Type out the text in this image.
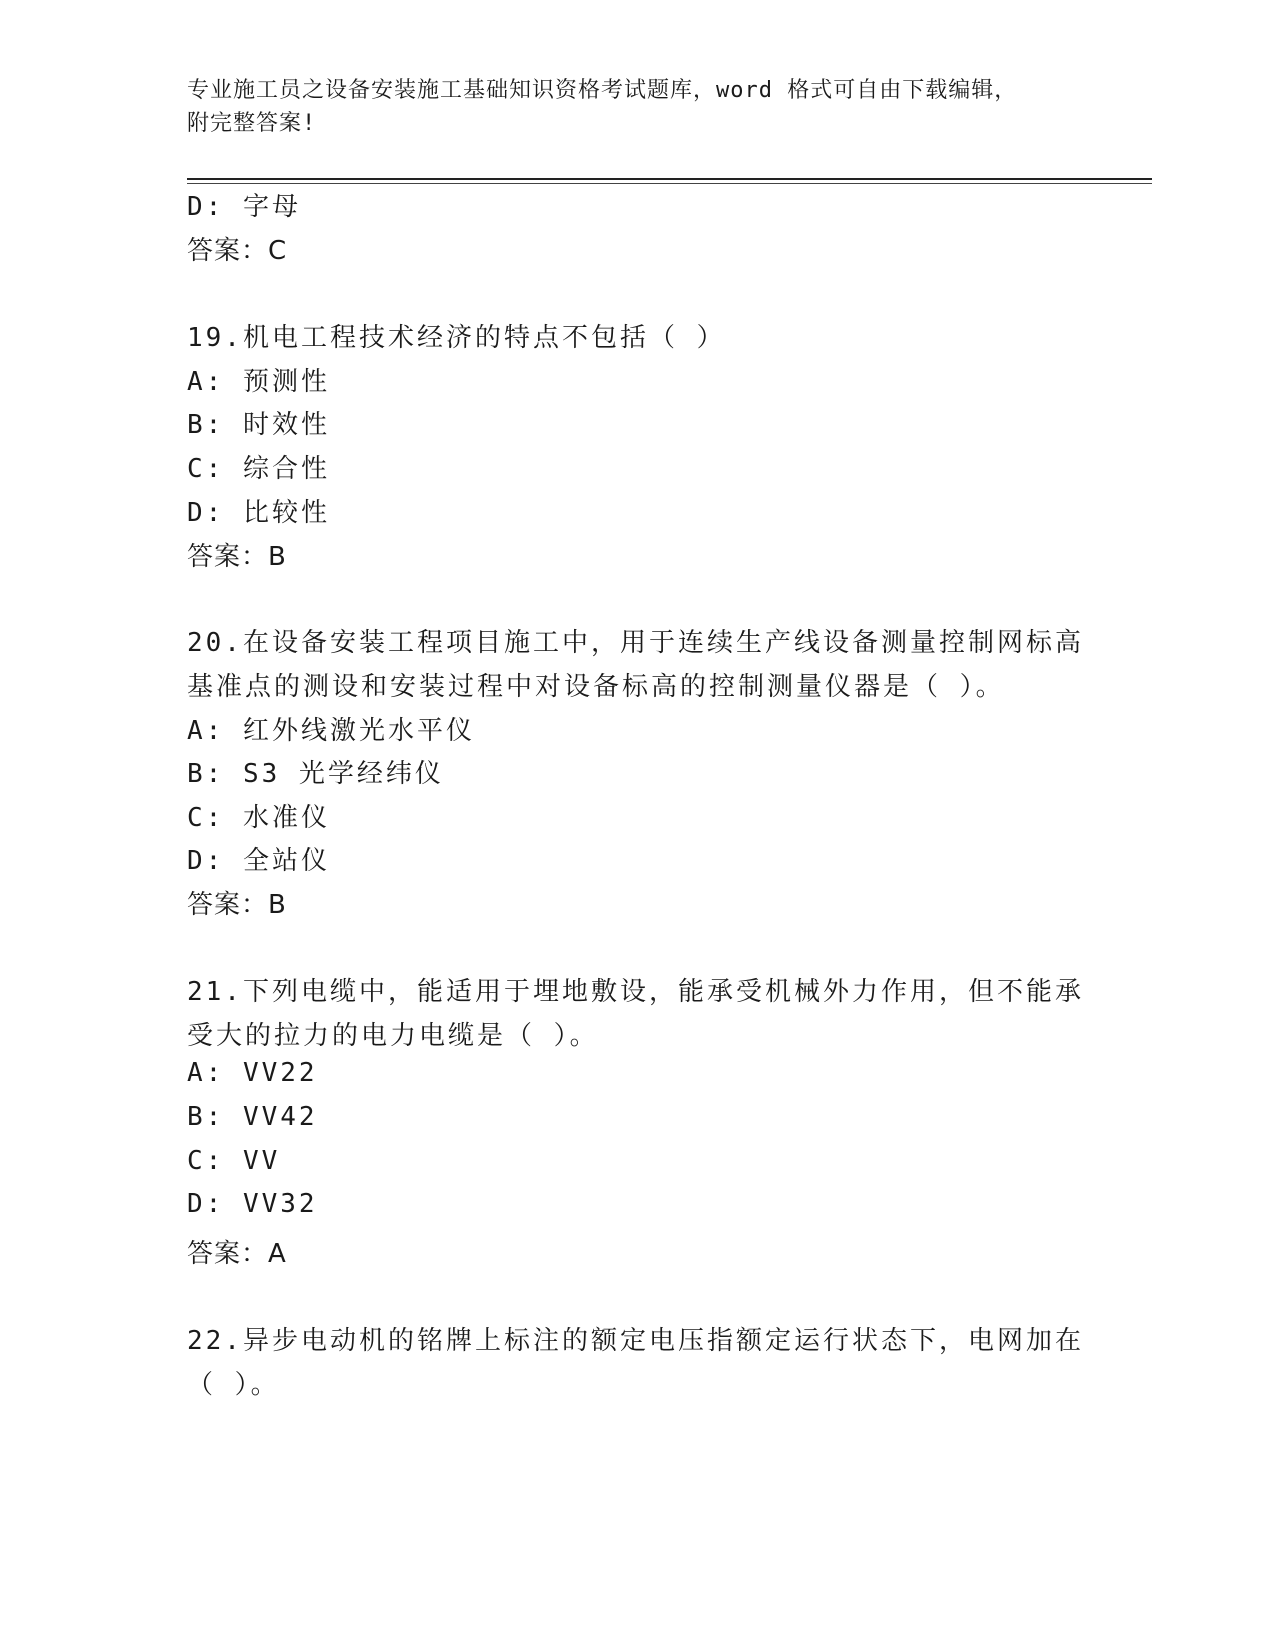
专业施工员之设备安装施工基础知识资格考试题库，word 格式可自由下载编辑，
附完整答案!
D: 字母
答案：C
19.机电工程技术经济的特点不包括（ ）
A: 预测性
B: 时效性
C: 综合性
D: 比较性
答案：B
20.在设备安装工程项目施工中，用于连续生产线设备测量控制网标高
基准点的测设和安装过程中对设备标高的控制测量仪器是（ ）。
A: 红外线激光水平仪
B: S3 光学经纬仪
C: 水准仪
D: 全站仪
答案：B
21.下列电缆中，能适用于埋地敷设，能承受机械外力作用，但不能承
受大的拉力的电力电缆是（ ）。
A: VV22
B: VV42
C: VV
D: VV32
答案：A
22.异步电动机的铭牌上标注的额定电压指额定运行状态下，电网加在
（ ）。
